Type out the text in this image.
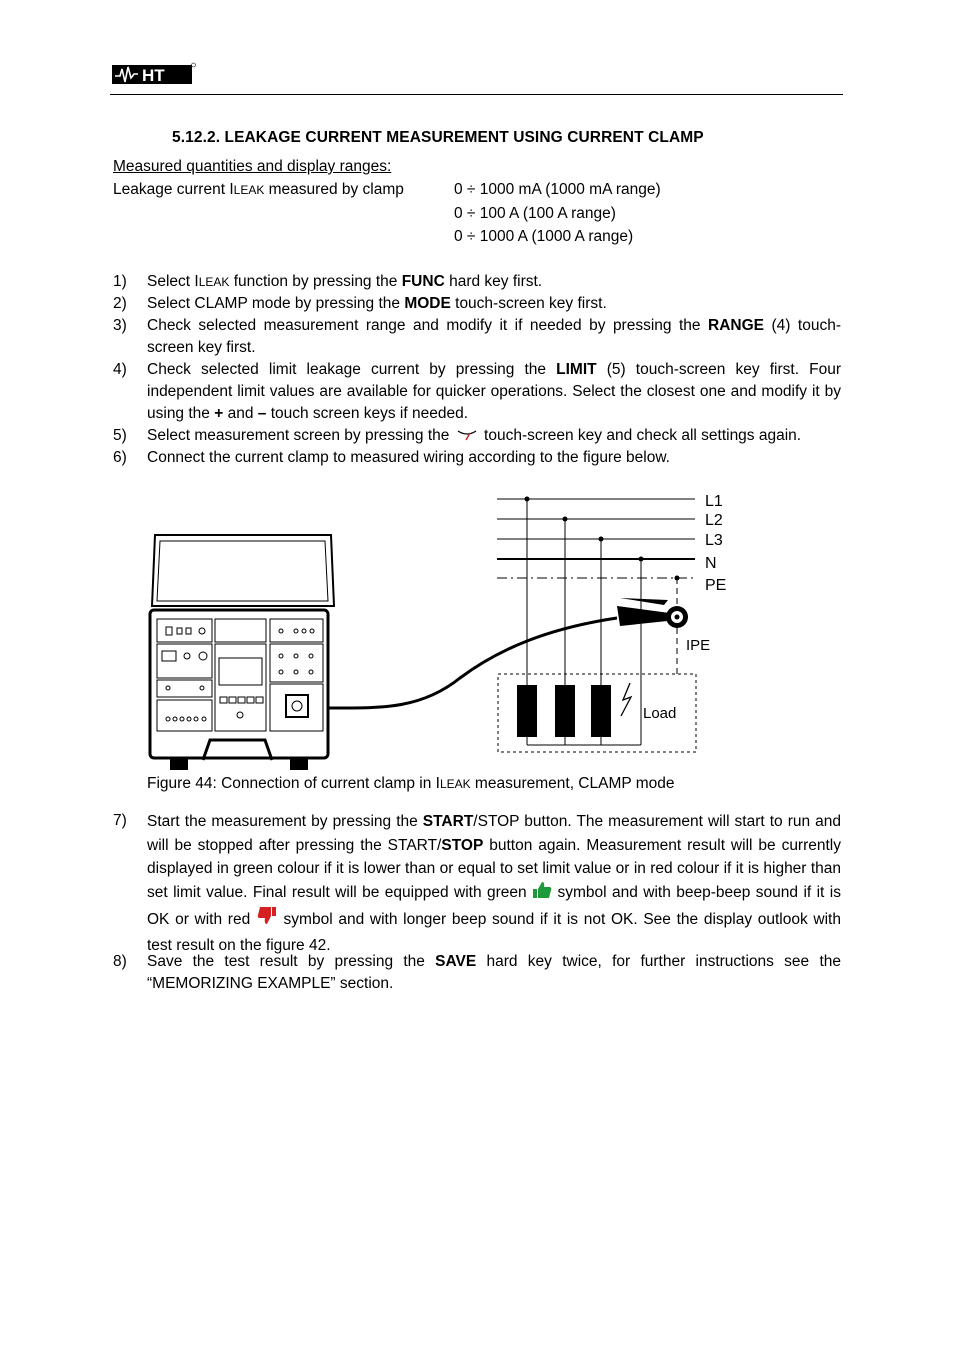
HT
5.12.2. LEAKAGE CURRENT MEASUREMENT USING CURRENT CLAMP
Measured quantities and display ranges:
Leakage current ILEAK measured by clamp	0 ÷ 1000 mA (1000 mA range)
0 ÷ 100 A (100 A range)
0 ÷ 1000 A (1000 A range)
1) Select ILEAK function by pressing the FUNC hard key first.
2) Select CLAMP mode by pressing the MODE touch-screen key first.
3) Check selected measurement range and modify it if needed by pressing the RANGE (4) touch-screen key first.
4) Check selected limit leakage current by pressing the LIMIT (5) touch-screen key first. Four independent limit values are available for quicker operations. Select the closest one and modify it by using the + and – touch screen keys if needed.
5) Select measurement screen by pressing the  touch-screen key and check all settings again.
6) Connect the current clamp to measured wiring according to the figure below.
L1
L2
L3
N
PE
Load
IPE
Figure 44: Connection of current clamp in ILEAK measurement, CLAMP mode
7) Start the measurement by pressing the START/STOP button. The measurement will start to run and will be stopped after pressing the START/STOP button again. Measurement result will be currently displayed in green colour if it is lower than or equal to set limit value or in red colour if it is higher than set limit value. Final result will be equipped with green  symbol and with beep-beep sound if it is OK or with red  symbol and with longer beep sound if it is not OK. See the display outlook with test result on the figure 42.
8) Save the test result by pressing the SAVE hard key twice, for further instructions see the “MEMORIZING EXAMPLE” section.
